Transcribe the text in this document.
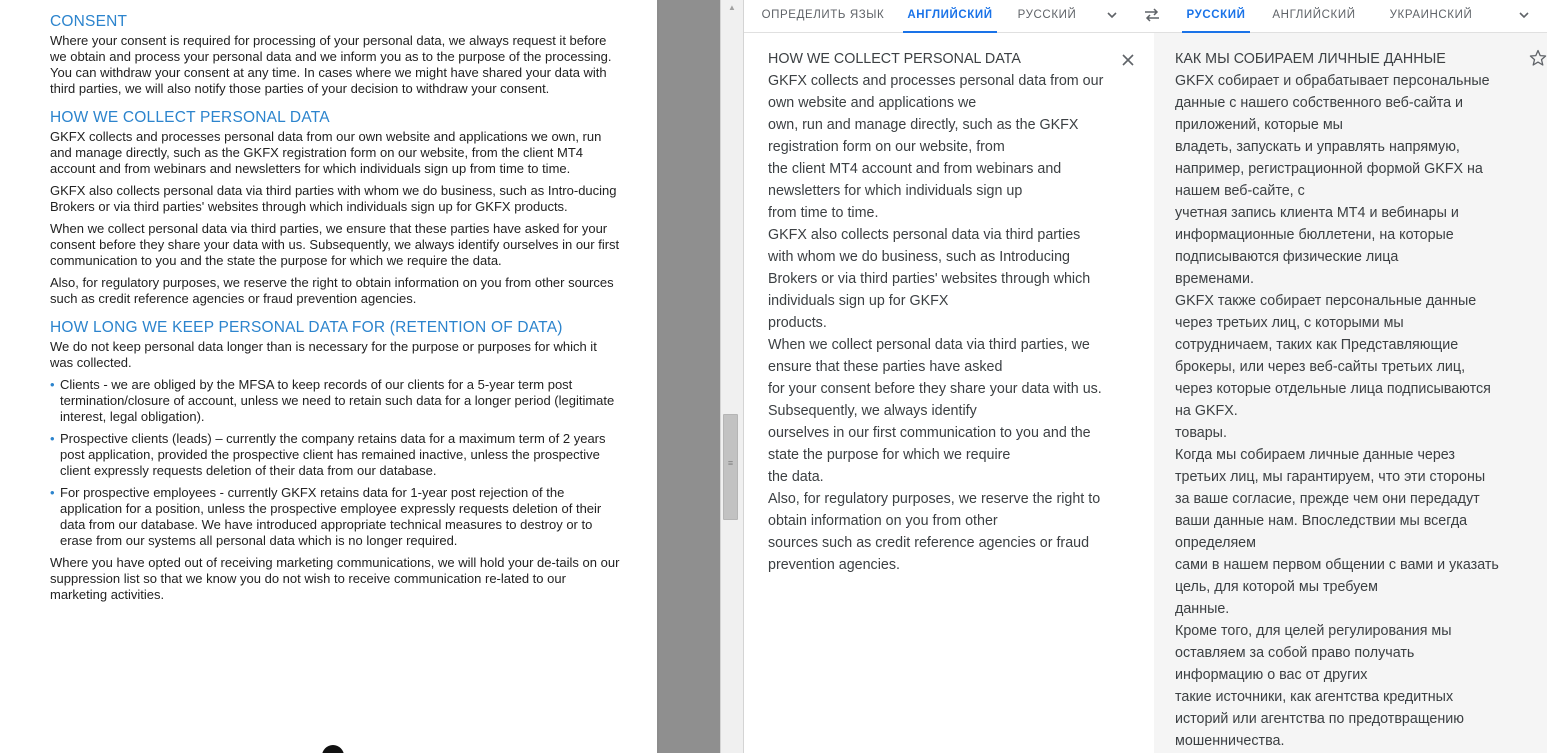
CONSENT

Where your consent is required for processing of your personal data, we always request it before we obtain and process your personal data and we inform you as to the purpose of the processing. You can withdraw your consent at any time. In cases where we might have shared your data with third parties, we will also notify those parties of your decision to withdraw your consent.

HOW WE COLLECT PERSONAL DATA

GKFX collects and processes personal data from our own website and applications we own, run and manage directly, such as the GKFX registration form on our website, from the client MT4 account and from webinars and newsletters for which individuals sign up from time to time.

GKFX also collects personal data via third parties with whom we do business, such as Intro-ducing Brokers or via third parties' websites through which individuals sign up for GKFX products.

When we collect personal data via third parties, we ensure that these parties have asked for your consent before they share your data with us. Subsequently, we always identify ourselves in our first communication to you and the state the purpose for which we require the data.

Also, for regulatory purposes, we reserve the right to obtain information on you from other sources such as credit reference agencies or fraud prevention agencies.

HOW LONG WE KEEP PERSONAL DATA FOR (RETENTION OF DATA)

We do not keep personal data longer than is necessary for the purpose or purposes for which it was collected.

• Clients - we are obliged by the MFSA to keep records of our clients for a 5-year term post termination/closure of account, unless we need to retain such data for a longer period (legitimate interest, legal obligation).
• Prospective clients (leads) – currently the company retains data for a maximum term of 2 years post application, provided the prospective client has remained inactive, unless the prospective client expressly requests deletion of their data from our database.
• For prospective employees - currently GKFX retains data for 1-year post rejection of the application for a position, unless the prospective employee expressly requests deletion of their data from our database. We have introduced appropriate technical measures to destroy or to erase from our systems all personal data which is no longer required.

Where you have opted out of receiving marketing communications, we will hold your de-tails on our suppression list so that we know you do not wish to receive communication re-lated to our marketing activities.

▲
≡
ОПРЕДЕЛИТЬ ЯЗЫК	АНГЛИЙСКИЙ	РУССКИЙ	РУССКИЙ	АНГЛИЙСКИЙ	УКРАИНСКИЙ
HOW WE COLLECT PERSONAL DATA
GKFX collects and processes personal data from our
own website and applications we
own, run and manage directly, such as the GKFX
registration form on our website, from
the client MT4 account and from webinars and
newsletters for which individuals sign up
from time to time.
GKFX also collects personal data via third parties
with whom we do business, such as Introducing
Brokers or via third parties' websites through which
individuals sign up for GKFX
products.
When we collect personal data via third parties, we
ensure that these parties have asked
for your consent before they share your data with us.
Subsequently, we always identify
ourselves in our first communication to you and the
state the purpose for which we require
the data.
Also, for regulatory purposes, we reserve the right to
obtain information on you from other
sources such as credit reference agencies or fraud
prevention agencies.
КАК МЫ СОБИРАЕМ ЛИЧНЫЕ ДАННЫЕ
GKFX собирает и обрабатывает персональные
данные с нашего собственного веб-сайта и
приложений, которые мы
владеть, запускать и управлять напрямую,
например, регистрационной формой GKFX на
нашем веб-сайте, с
учетная запись клиента MT4 и вебинары и
информационные бюллетени, на которые
подписываются физические лица
временами.
GKFX также собирает персональные данные
через третьих лиц, с которыми мы
сотрудничаем, таких как Представляющие
брокеры, или через веб-сайты третьих лиц,
через которые отдельные лица подписываются
на GKFX.
товары.
Когда мы собираем личные данные через
третьих лиц, мы гарантируем, что эти стороны
за ваше согласие, прежде чем они передадут
ваши данные нам. Впоследствии мы всегда
определяем
сами в нашем первом общении с вами и указать
цель, для которой мы требуем
данные.
Кроме того, для целей регулирования мы
оставляем за собой право получать
информацию о вас от других
такие источники, как агентства кредитных
историй или агентства по предотвращению
мошенничества.
